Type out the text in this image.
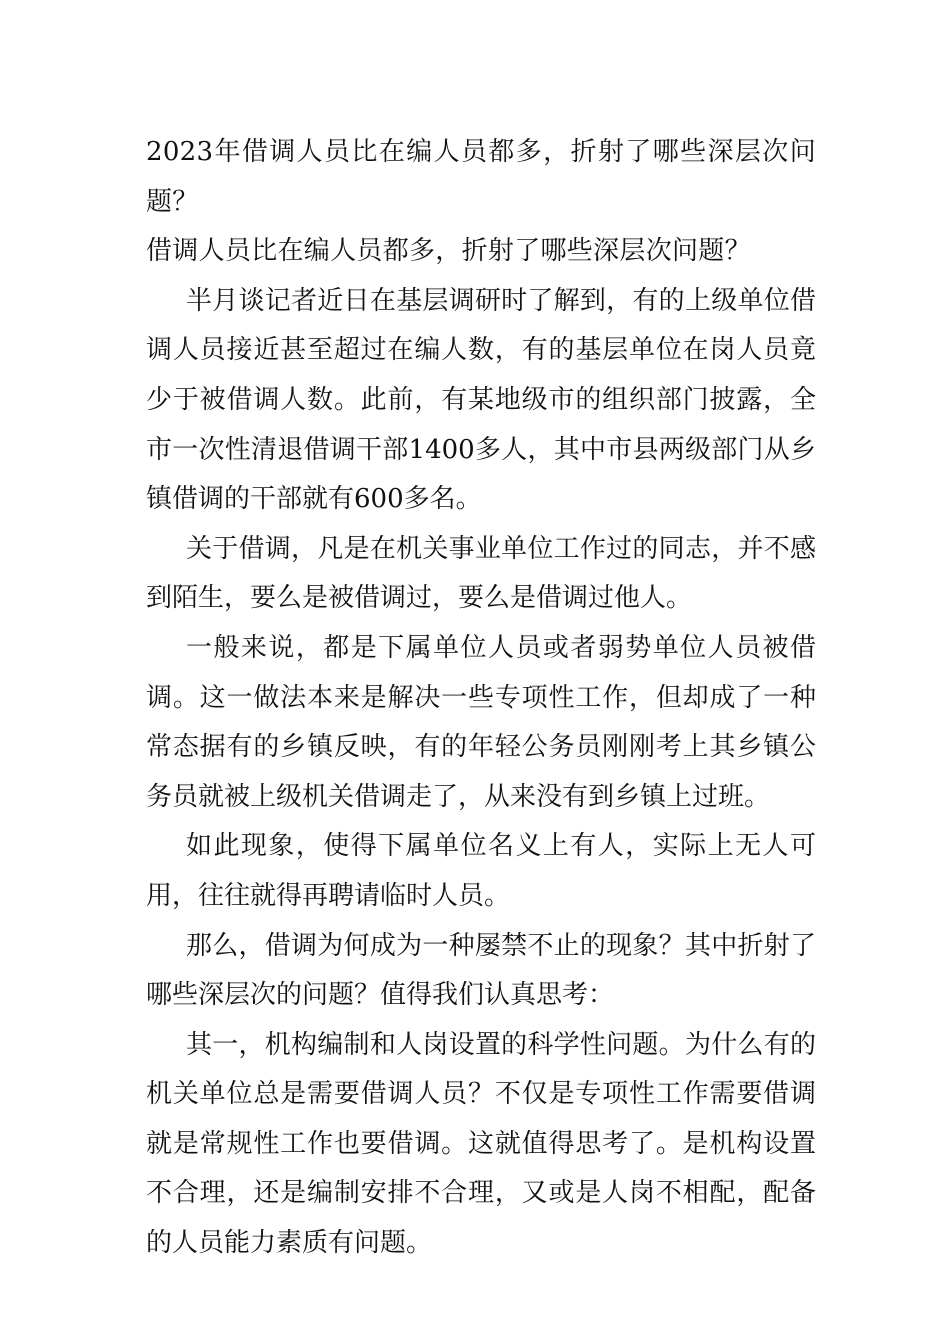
2023年借调人员比在编人员都多，折射了哪些深层次问题？

借调人员比在编人员都多，折射了哪些深层次问题？

半月谈记者近日在基层调研时了解到，有的上级单位借调人员接近甚至超过在编人数，有的基层单位在岗人员竟少于被借调人数。此前，有某地级市的组织部门披露，全市一次性清退借调干部1400多人，其中市县两级部门从乡镇借调的干部就有600多名。

关于借调，凡是在机关事业单位工作过的同志，并不感到陌生，要么是被借调过，要么是借调过他人。

一般来说，都是下属单位人员或者弱势单位人员被借调。这一做法本来是解决一些专项性工作，但却成了一种常态据有的乡镇反映，有的年轻公务员刚刚考上其乡镇公务员就被上级机关借调走了，从来没有到乡镇上过班。

如此现象，使得下属单位名义上有人，实际上无人可用，往往就得再聘请临时人员。

那么，借调为何成为一种屡禁不止的现象？其中折射了哪些深层次的问题？值得我们认真思考：

其一，机构编制和人岗设置的科学性问题。为什么有的机关单位总是需要借调人员？不仅是专项性工作需要借调就是常规性工作也要借调。这就值得思考了。是机构设置不合理，还是编制安排不合理，又或是人岗不相配，配备的人员能力素质有问题。
